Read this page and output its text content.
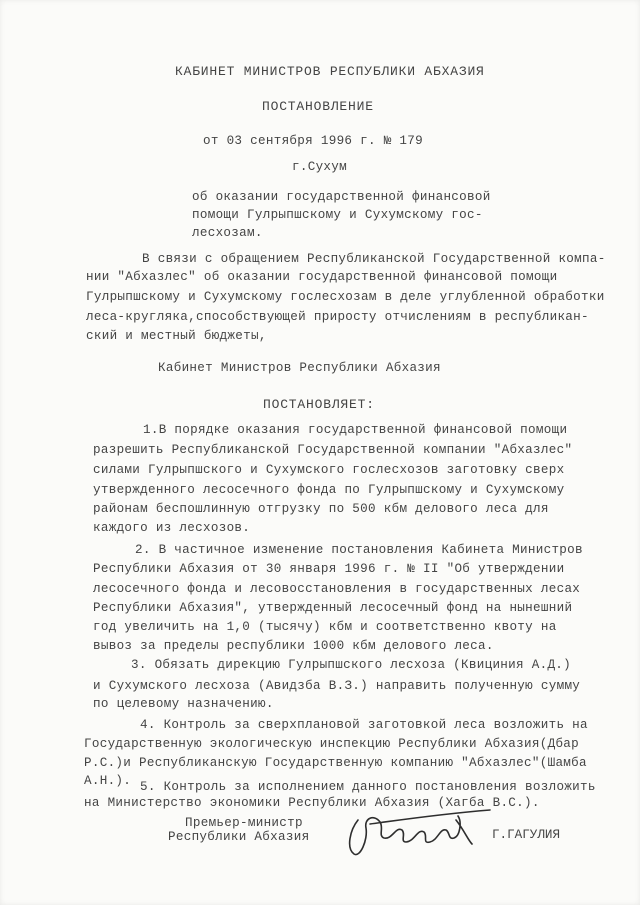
КАБИНЕТ МИНИСТРОВ РЕСПУБЛИКИ АБХАЗИЯ
ПОСТАНОВЛЕНИЕ
от 03 сентября 1996 г. № 179
г.Сухум
об оказании государственной финансовой
помощи Гулрыпшскому и Сухумскому гос-
лесхозам.
В связи с обращением Республиканской Государственной компа-
нии "Абхазлес" об оказании государственной финансовой помощи
Гулрыпшскому и Сухумскому гослесхозам в деле углубленной обработки
леса-кругляка,способствующей приросту отчислениям в республикан-
ский и местный бюджеты,
Кабинет Министров Республики Абхазия
ПОСТАНОВЛЯЕТ:
1.В порядке оказания государственной финансовой помощи
разрешить Республиканской Государственной компании "Абхазлес"
силами Гулрыпшского и Сухумского гослесхозов заготовку сверх
утвержденного лесосечного фонда по Гулрыпшскому и Сухумскому
районам беспошлинную отгрузку по 500 кбм делового леса для
каждого из лесхозов.
2. В частичное изменение постановления Кабинета Министров
Республики Абхазия от 30 января 1996 г. № II "Об утверждении
лесосечного фонда и лесовосстановления в государственных лесах
Республики Абхазия", утвержденный лесосечный фонд на нынешний
год увеличить на 1,0 (тысячу) кбм и соответственно квоту на
вывоз за пределы республики 1000 кбм делового леса.
3. Обязать дирекцию Гулрыпшского лесхоза (Квициния А.Д.)
и Сухумского лесхоза (Авидзба В.З.) направить полученную сумму
по целевому назначению.
4. Контроль за сверхплановой заготовкой леса возложить на
Государственную экологическую инспекцию Республики Абхазия(Дбар
Р.С.)и Республиканскую Государственную компанию "Абхазлес"(Шамба
А.Н.). 5. Контроль за исполнением данного постановления возложить
на Министерство экономики Республики Абхазия (Хагба В.С.).
Премьер-министр
Республики Абхазия	Г.ГАГУЛИЯ
